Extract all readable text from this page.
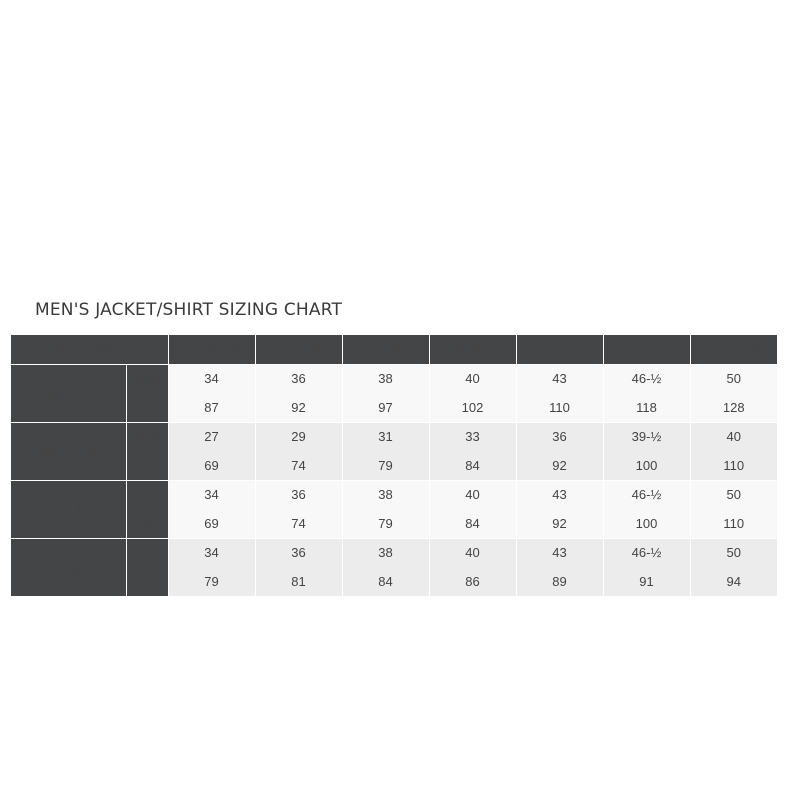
MEN'S JACKET/SHIRT SIZING CHART
BODY SIZE		XX-Small	X-Small	Small	Medium	Large	X-Large	XX-Large
Chest 가슴	inch	34	36	38	40	43	46-½	50
	cm	87	92	97	102	110	118	128
Waist 허리	inch	27	29	31	33	36	39-½	40
	cm	69	74	79	84	92	100	110
Hip 힙	inch	34	36	38	40	43	46-½	50
	cm	69	74	79	84	92	100	110
Sleeve 팔길이	inch	34	36	38	40	43	46-½	50
	cm	79	81	84	86	89	91	94
